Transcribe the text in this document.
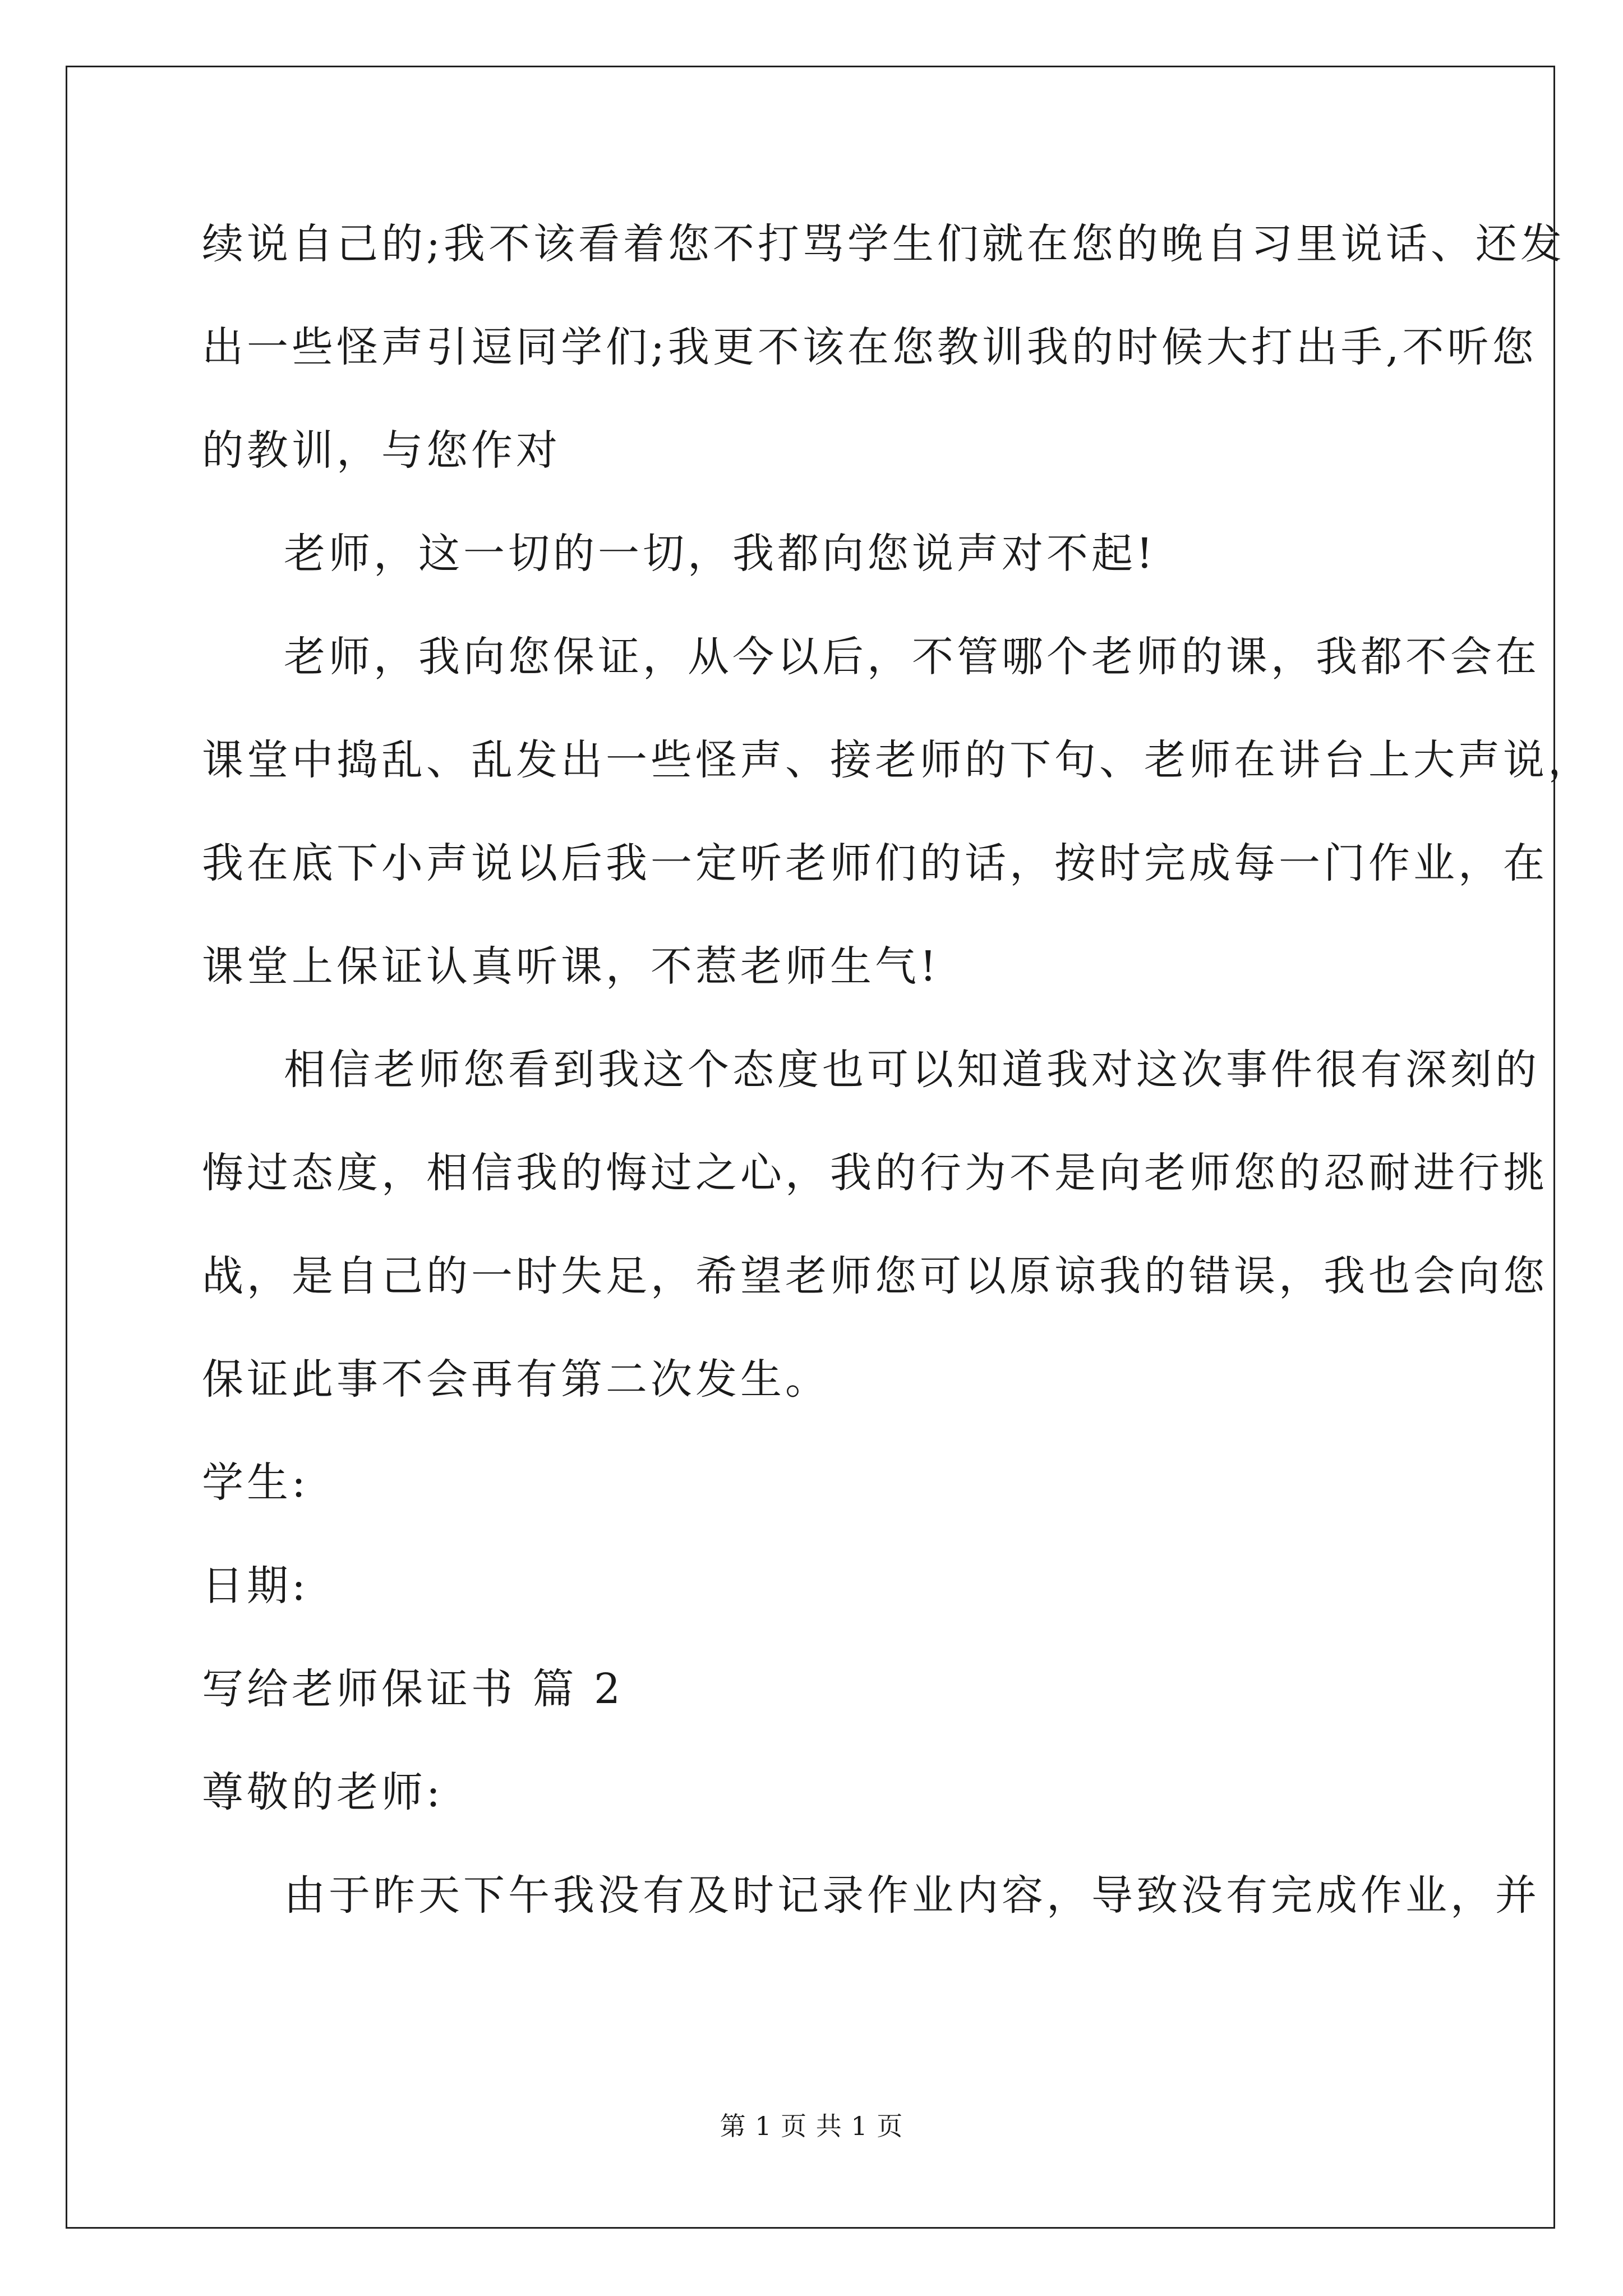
续说自己的;我不该看着您不打骂学生们就在您的晚自习里说话、还发
出一些怪声引逗同学们;我更不该在您教训我的时候大打出手,不听您
的教训，与您作对
老师，这一切的一切，我都向您说声对不起!
老师，我向您保证，从今以后，不管哪个老师的课，我都不会在
课堂中捣乱、乱发出一些怪声、接老师的下句、老师在讲台上大声说，
我在底下小声说以后我一定听老师们的话，按时完成每一门作业，在
课堂上保证认真听课，不惹老师生气!
相信老师您看到我这个态度也可以知道我对这次事件很有深刻的
悔过态度，相信我的悔过之心，我的行为不是向老师您的忍耐进行挑
战，是自己的一时失足，希望老师您可以原谅我的错误，我也会向您
保证此事不会再有第二次发生。
学生:
日期:
写给老师保证书 篇 2
尊敬的老师:
由于昨天下午我没有及时记录作业内容，导致没有完成作业，并
第 1 页 共 1 页
